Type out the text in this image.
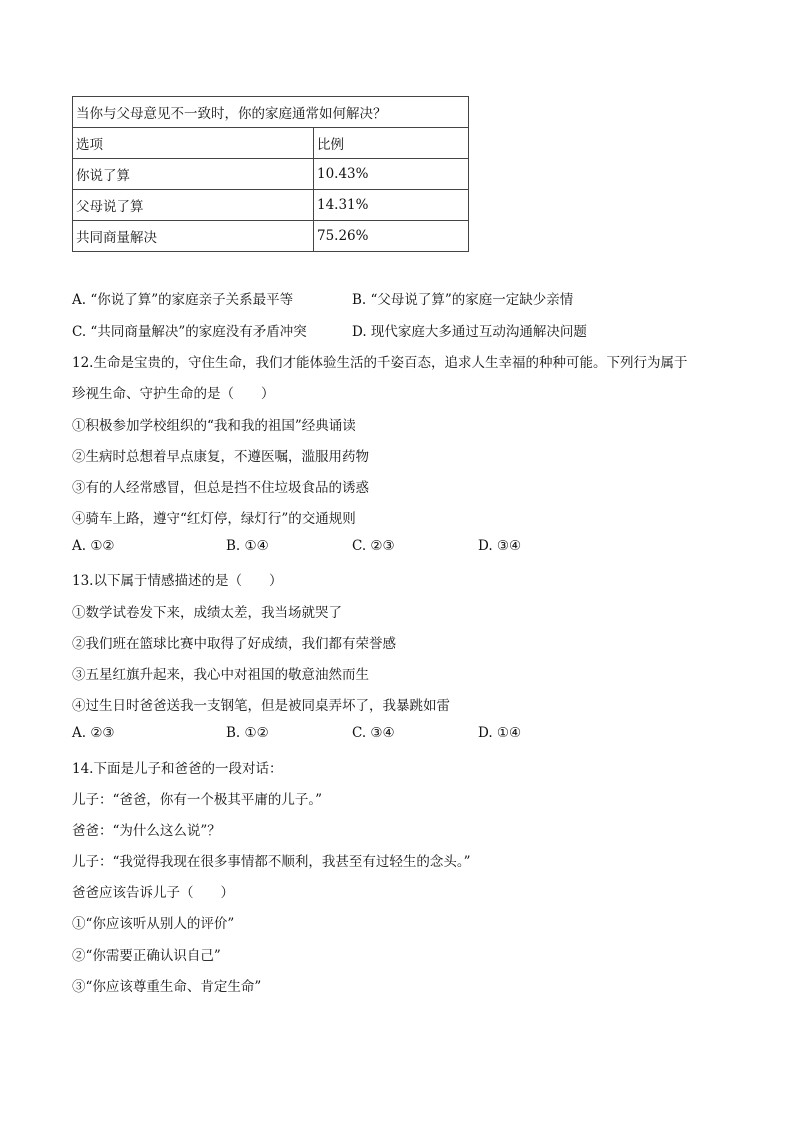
当你与父母意见不一致时，你的家庭通常如何解决？	
选项	比例
你说了算	10.43%
父母说了算	14.31%
共同商量解决	75.26%
A. “你说了算”的家庭亲子关系最平等	B. “父母说了算”的家庭一定缺少亲情
C. “共同商量解决”的家庭没有矛盾冲突	D. 现代家庭大多通过互动沟通解决问题
12.生命是宝贵的，守住生命，我们才能体验生活的千姿百态，追求人生幸福的种种可能。下列行为属于
珍视生命、守护生命的是（　　）
①积极参加学校组织的“我和我的祖国”经典诵读
②生病时总想着早点康复，不遵医嘱，滥服用药物
③有的人经常感冒，但总是挡不住垃圾食品的诱惑
④骑车上路，遵守“红灯停，绿灯行”的交通规则
A. ①②	B. ①④	C. ②③	D. ③④
13.以下属于情感描述的是（　　）
①数学试卷发下来，成绩太差，我当场就哭了
②我们班在篮球比赛中取得了好成绩，我们都有荣誉感
③五星红旗升起来，我心中对祖国的敬意油然而生
④过生日时爸爸送我一支钢笔，但是被同桌弄坏了，我暴跳如雷
A. ②③	B. ①②	C. ③④	D. ①④
14.下面是儿子和爸爸的一段对话：
儿子：“爸爸，你有一个极其平庸的儿子。”
爸爸：“为什么这么说”？
儿子：“我觉得我现在很多事情都不顺利，我甚至有过轻生的念头。”
爸爸应该告诉儿子（　　）
①“你应该听从别人的评价”
②“你需要正确认识自己”
③“你应该尊重生命、肯定生命”
